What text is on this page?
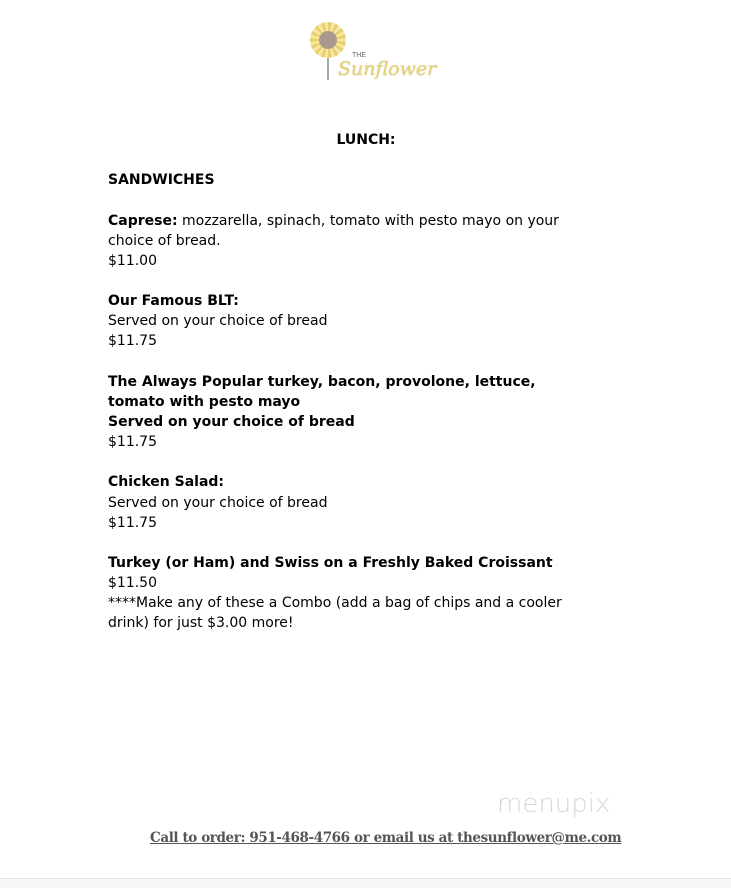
THE
Sunflower
LUNCH:
SANDWICHES
Caprese: mozzarella, spinach, tomato with pesto mayo on your
choice of bread.
$11.00
Our Famous BLT:
Served on your choice of bread
$11.75
The Always Popular turkey, bacon, provolone, lettuce,
tomato with pesto mayo
Served on your choice of bread
$11.75
Chicken Salad:
Served on your choice of bread
$11.75
Turkey (or Ham) and Swiss on a Freshly Baked Croissant
$11.50
****Make any of these a Combo (add a bag of chips and a cooler
drink) for just $3.00 more!
menupix
Call to order: 951-468-4766 or email us at thesunflower@me.com
